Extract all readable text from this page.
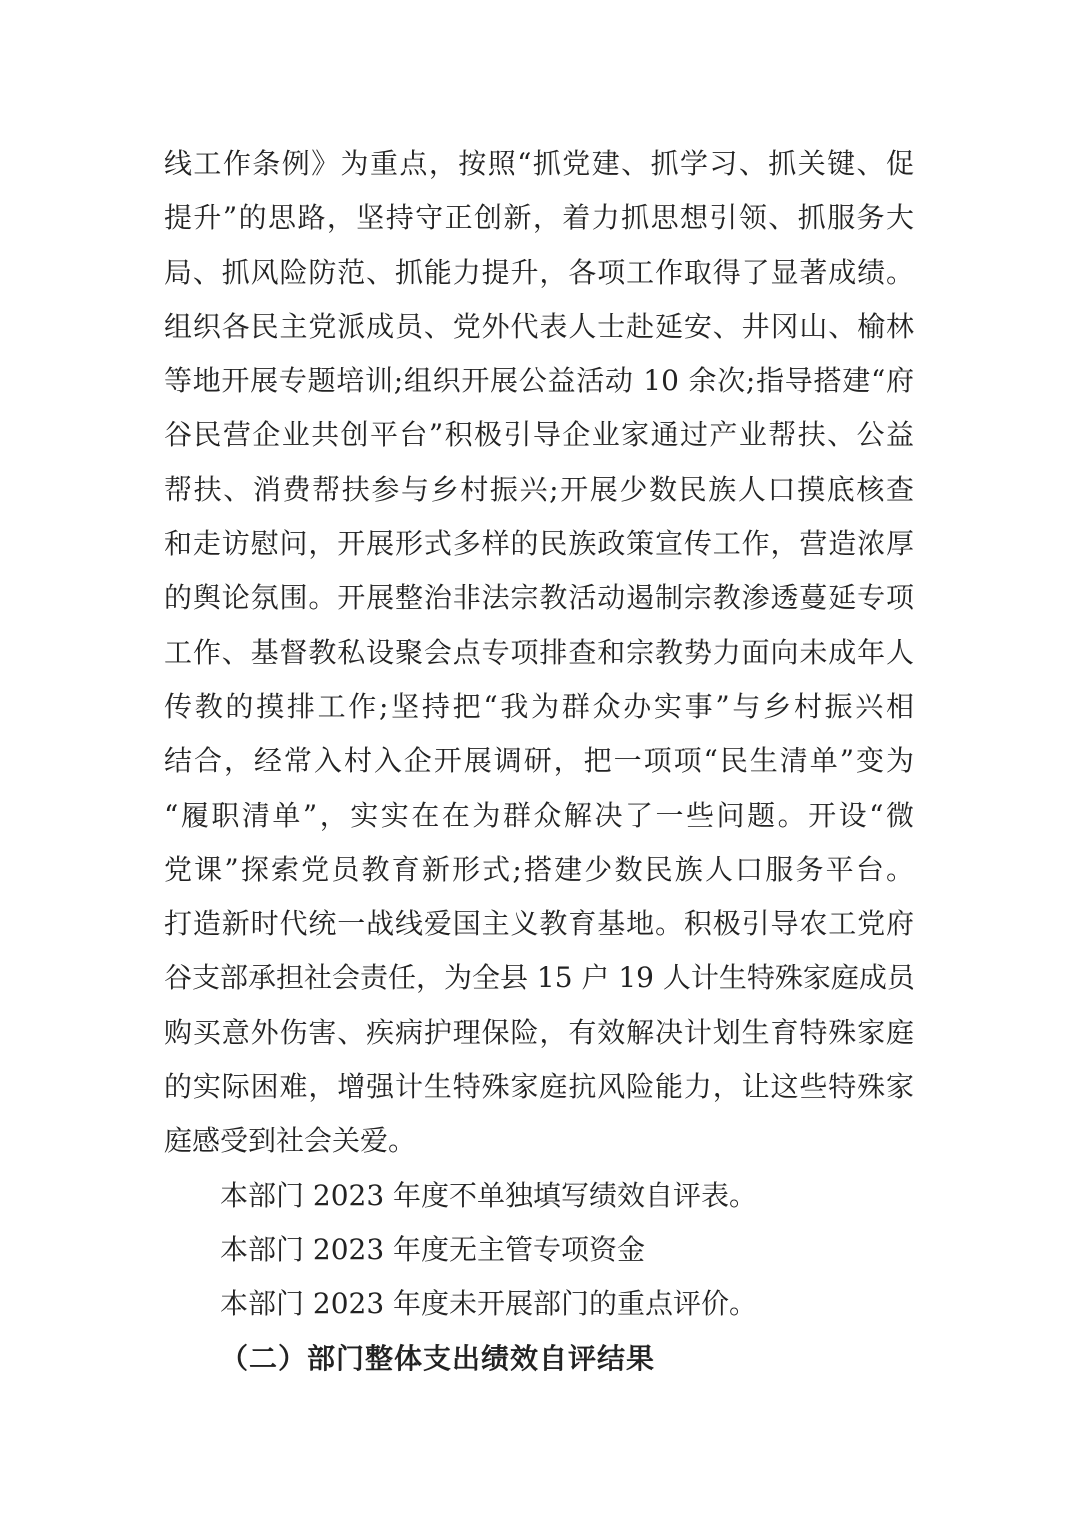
线工作条例》为重点，按照“抓党建、抓学习、抓关键、促
提升”的思路，坚持守正创新，着力抓思想引领、抓服务大
局、抓风险防范、抓能力提升，各项工作取得了显著成绩。
组织各民主党派成员、党外代表人士赴延安、井冈山、榆林
等地开展专题培训;组织开展公益活动 10 余次;指导搭建“府
谷民营企业共创平台”积极引导企业家通过产业帮扶、公益
帮扶、消费帮扶参与乡村振兴;开展少数民族人口摸底核查
和走访慰问，开展形式多样的民族政策宣传工作，营造浓厚
的舆论氛围。开展整治非法宗教活动遏制宗教渗透蔓延专项
工作、基督教私设聚会点专项排查和宗教势力面向未成年人
传教的摸排工作;坚持把“我为群众办实事”与乡村振兴相
结合，经常入村入企开展调研，把一项项“民生清单”变为
“履职清单”，实实在在为群众解决了一些问题。开设“微
党课”探索党员教育新形式;搭建少数民族人口服务平台。
打造新时代统一战线爱国主义教育基地。积极引导农工党府
谷支部承担社会责任，为全县 15 户 19 人计生特殊家庭成员
购买意外伤害、疾病护理保险，有效解决计划生育特殊家庭
的实际困难，增强计生特殊家庭抗风险能力，让这些特殊家
庭感受到社会关爱。
本部门 2023 年度不单独填写绩效自评表。
本部门 2023 年度无主管专项资金
本部门 2023 年度未开展部门的重点评价。
（二）部门整体支出绩效自评结果
